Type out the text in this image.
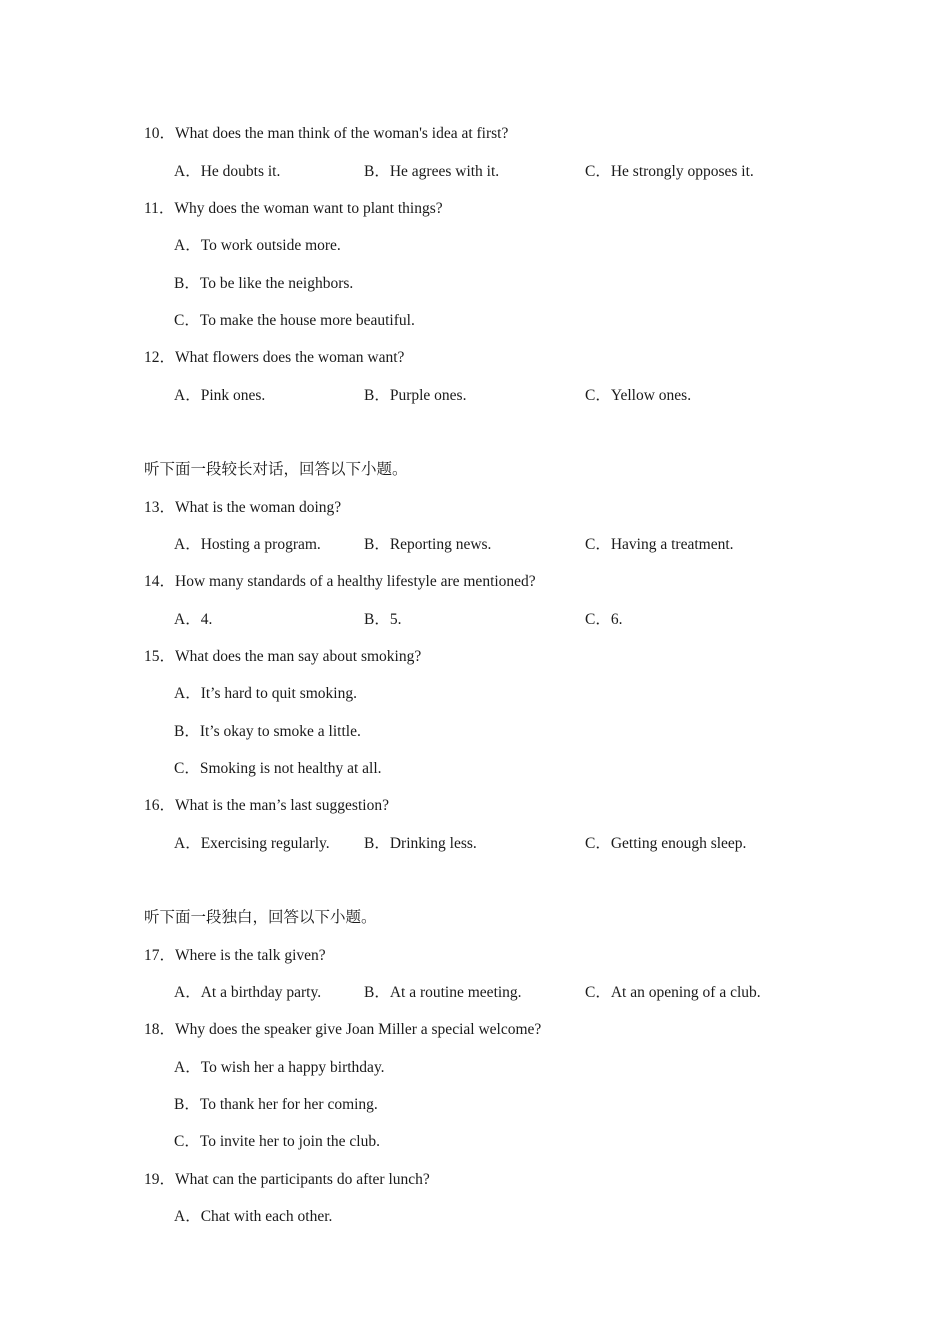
10．What does the man think of the woman's idea at first?
A．He doubts it.	B．He agrees with it.	C．He strongly opposes it.
11．Why does the woman want to plant things?
A．To work outside more.
B．To be like the neighbors.
C．To make the house more beautiful.
12．What flowers does the woman want?
A．Pink ones.	B．Purple ones.	C．Yellow ones.
听下面一段较长对话，回答以下小题。
13．What is the woman doing?
A．Hosting a program.	B．Reporting news.	C．Having a treatment.
14．How many standards of a healthy lifestyle are mentioned?
A．4.	B．5.	C．6.
15．What does the man say about smoking?
A．It’s hard to quit smoking.
B．It’s okay to smoke a little.
C．Smoking is not healthy at all.
16．What is the man’s last suggestion?
A．Exercising regularly. B．Drinking less.	C．Getting enough sleep.
听下面一段独白，回答以下小题。
17．Where is the talk given?
A．At a birthday party.	B．At a routine meeting.	C．At an opening of a club.
18．Why does the speaker give Joan Miller a special welcome?
A．To wish her a happy birthday.
B．To thank her for her coming.
C．To invite her to join the club.
19．What can the participants do after lunch?
A．Chat with each other.
